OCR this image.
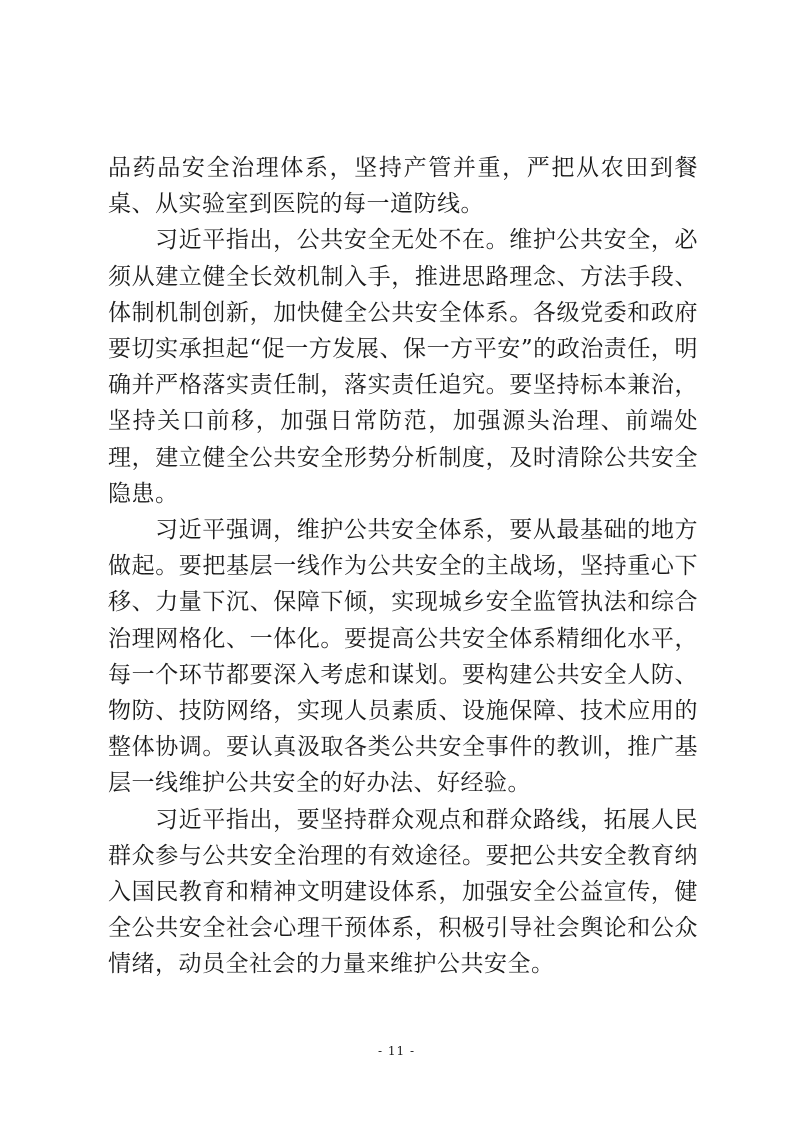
品药品安全治理体系，坚持产管并重，严把从农田到餐桌、从实验室到医院的每一道防线。

习近平指出，公共安全无处不在。维护公共安全，必须从建立健全长效机制入手，推进思路理念、方法手段、体制机制创新，加快健全公共安全体系。各级党委和政府要切实承担起“促一方发展、保一方平安”的政治责任，明确并严格落实责任制，落实责任追究。要坚持标本兼治，坚持关口前移，加强日常防范，加强源头治理、前端处理，建立健全公共安全形势分析制度，及时清除公共安全隐患。

习近平强调，维护公共安全体系，要从最基础的地方做起。要把基层一线作为公共安全的主战场，坚持重心下移、力量下沉、保障下倾，实现城乡安全监管执法和综合治理网格化、一体化。要提高公共安全体系精细化水平，每一个环节都要深入考虑和谋划。要构建公共安全人防、物防、技防网络，实现人员素质、设施保障、技术应用的整体协调。要认真汲取各类公共安全事件的教训，推广基层一线维护公共安全的好办法、好经验。

习近平指出，要坚持群众观点和群众路线，拓展人民群众参与公共安全治理的有效途径。要把公共安全教育纳入国民教育和精神文明建设体系，加强安全公益宣传，健全公共安全社会心理干预体系，积极引导社会舆论和公众情绪，动员全社会的力量来维护公共安全。

- 11 -
